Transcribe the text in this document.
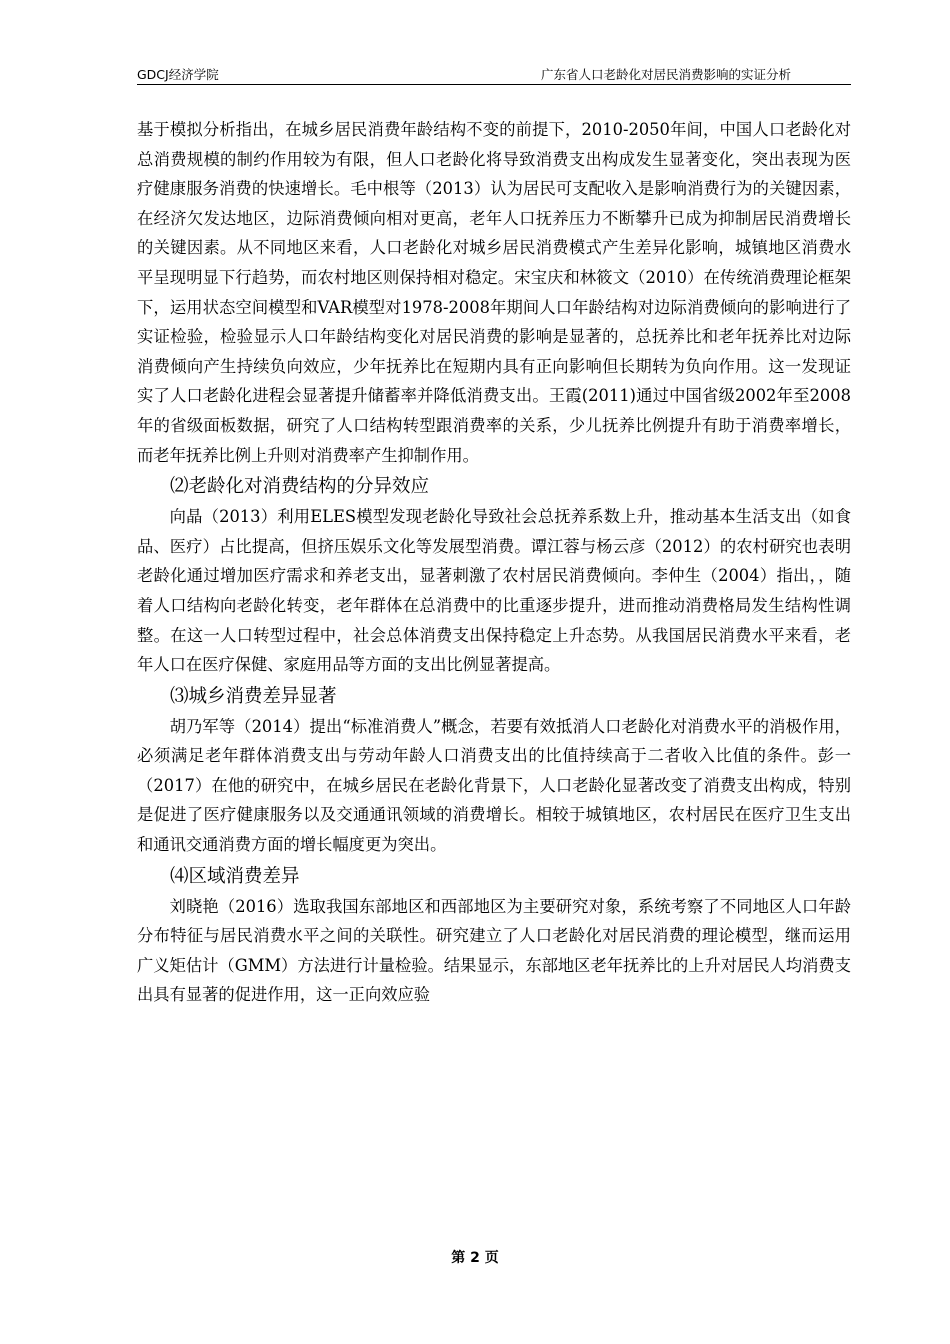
GDCJ经济学院	广东省人口老龄化对居民消费影响的实证分析

基于模拟分析指出，在城乡居民消费年龄结构不变的前提下，2010-2050年间，中国人口老龄化对总消费规模的制约作用较为有限，但人口老龄化将导致消费支出构成发生显著变化，突出表现为医疗健康服务消费的快速增长。毛中根等（2013）认为居民可支配收入是影响消费行为的关键因素，在经济欠发达地区，边际消费倾向相对更高，老年人口抚养压力不断攀升已成为抑制居民消费增长的关键因素。从不同地区来看，人口老龄化对城乡居民消费模式产生差异化影响，城镇地区消费水平呈现明显下行趋势，而农村地区则保持相对稳定。宋宝庆和林筱文（2010）在传统消费理论框架下，运用状态空间模型和VAR模型对1978-2008年期间人口年龄结构对边际消费倾向的影响进行了实证检验，检验显示人口年龄结构变化对居民消费的影响是显著的，总抚养比和老年抚养比对边际消费倾向产生持续负向效应，少年抚养比在短期内具有正向影响但长期转为负向作用。这一发现证实了人口老龄化进程会显著提升储蓄率并降低消费支出。王霞(2011)通过中国省级2002年至2008年的省级面板数据，研究了人口结构转型跟消费率的关系，少儿抚养比例提升有助于消费率增长，而老年抚养比例上升则对消费率产生抑制作用。

⑵老龄化对消费结构的分异效应

向晶（2013）利用ELES模型发现老龄化导致社会总抚养系数上升，推动基本生活支出（如食品、医疗）占比提高，但挤压娱乐文化等发展型消费。谭江蓉与杨云彦（2012）的农村研究也表明老龄化通过增加医疗需求和养老支出，显著刺激了农村居民消费倾向。李仲生（2004）指出，，随着人口结构向老龄化转变，老年群体在总消费中的比重逐步提升，进而推动消费格局发生结构性调整。在这一人口转型过程中，社会总体消费支出保持稳定上升态势。从我国居民消费水平来看，老年人口在医疗保健、家庭用品等方面的支出比例显著提高。

⑶城乡消费差异显著

胡乃军等（2014）提出“标准消费人”概念，若要有效抵消人口老龄化对消费水平的消极作用，必须满足老年群体消费支出与劳动年龄人口消费支出的比值持续高于二者收入比值的条件。彭一（2017）在他的研究中，在城乡居民在老龄化背景下，人口老龄化显著改变了消费支出构成，特别是促进了医疗健康服务以及交通通讯领域的消费增长。相较于城镇地区，农村居民在医疗卫生支出和通讯交通消费方面的增长幅度更为突出。

⑷区域消费差异

刘晓艳（2016）选取我国东部地区和西部地区为主要研究对象，系统考察了不同地区人口年龄分布特征与居民消费水平之间的关联性。研究建立了人口老龄化对居民消费的理论模型，继而运用广义矩估计（GMM）方法进行计量检验。结果显示，东部地区老年抚养比的上升对居民人均消费支出具有显著的促进作用，这一正向效应验

第 2 页
